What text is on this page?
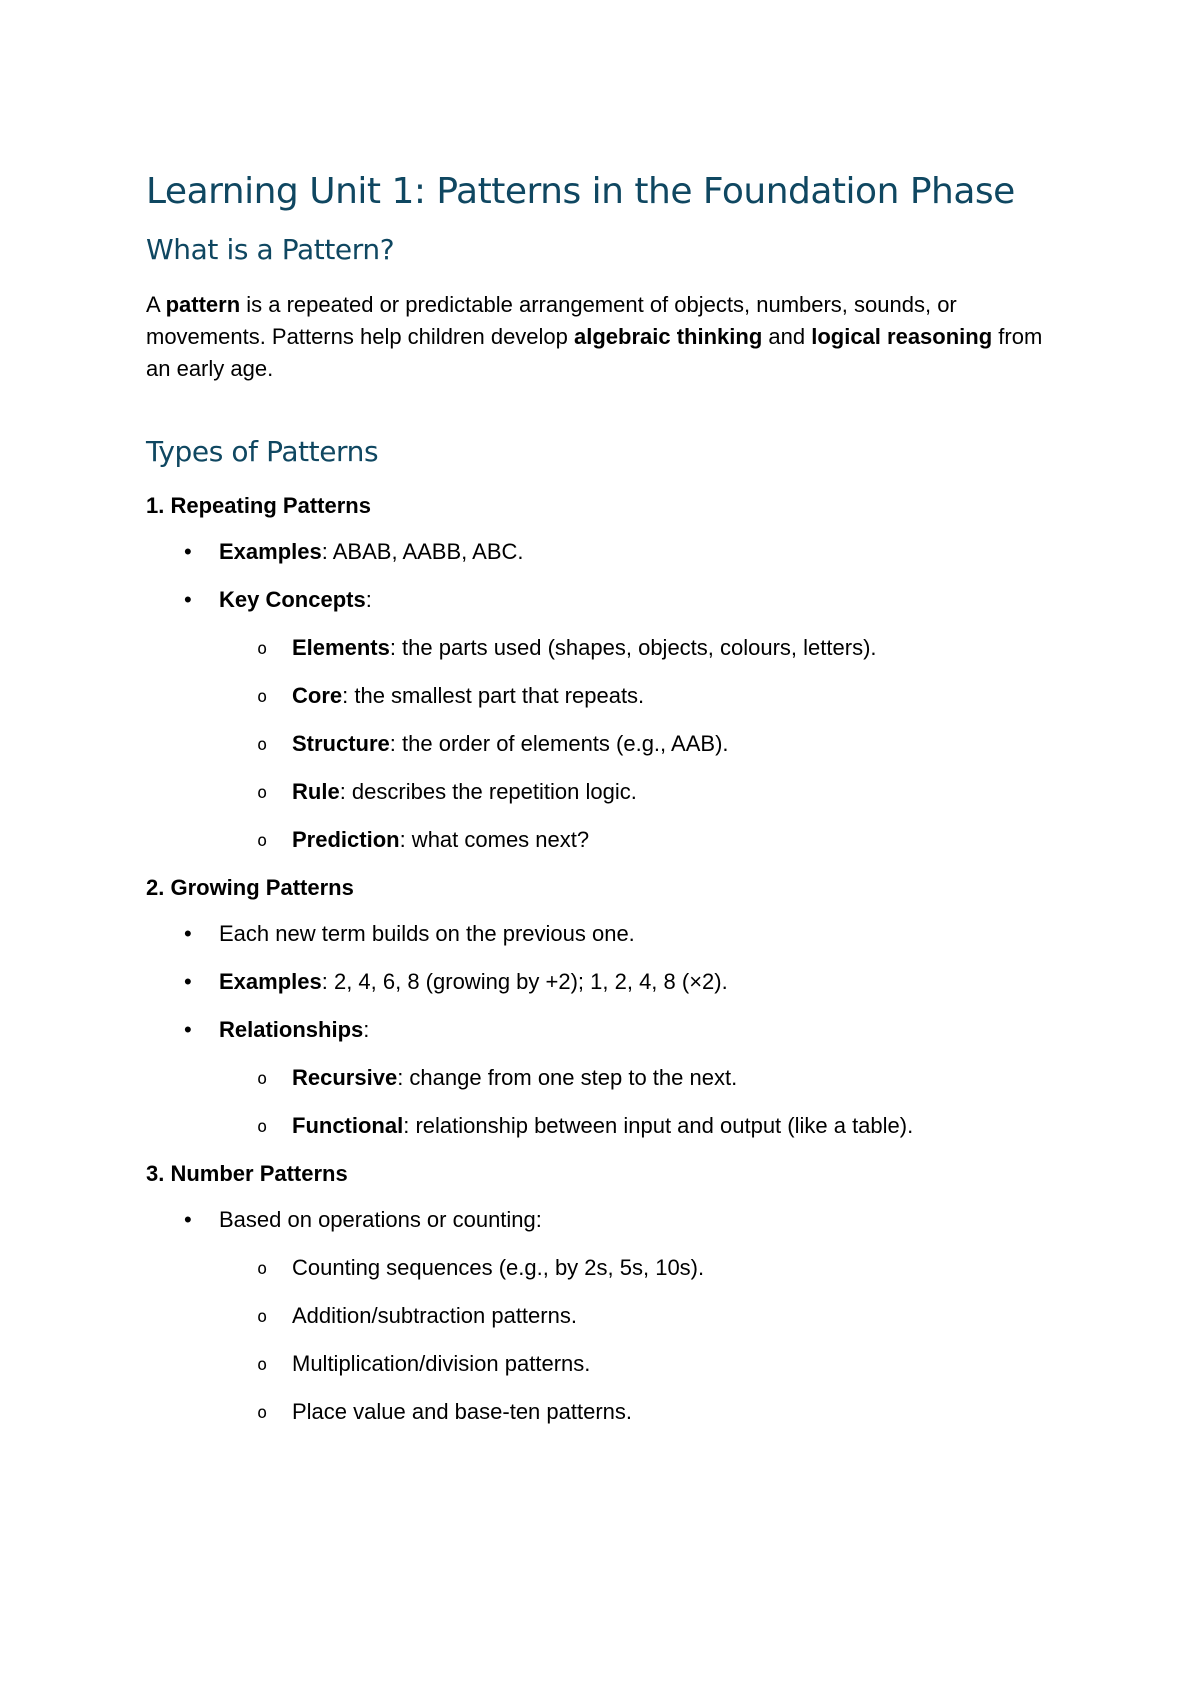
Learning Unit 1: Patterns in the Foundation Phase
What is a Pattern?

A pattern is a repeated or predictable arrangement of objects, numbers, sounds, or movements. Patterns help children develop algebraic thinking and logical reasoning from an early age.

Types of Patterns
1. Repeating Patterns
• Examples: ABAB, AABB, ABC.
• Key Concepts:
o Elements: the parts used (shapes, objects, colours, letters).
o Core: the smallest part that repeats.
o Structure: the order of elements (e.g., AAB).
o Rule: describes the repetition logic.
o Prediction: what comes next?
2. Growing Patterns
• Each new term builds on the previous one.
• Examples: 2, 4, 6, 8 (growing by +2); 1, 2, 4, 8 (×2).
• Relationships:
o Recursive: change from one step to the next.
o Functional: relationship between input and output (like a table).
3. Number Patterns
• Based on operations or counting:
o Counting sequences (e.g., by 2s, 5s, 10s).
o Addition/subtraction patterns.
o Multiplication/division patterns.
o Place value and base-ten patterns.
